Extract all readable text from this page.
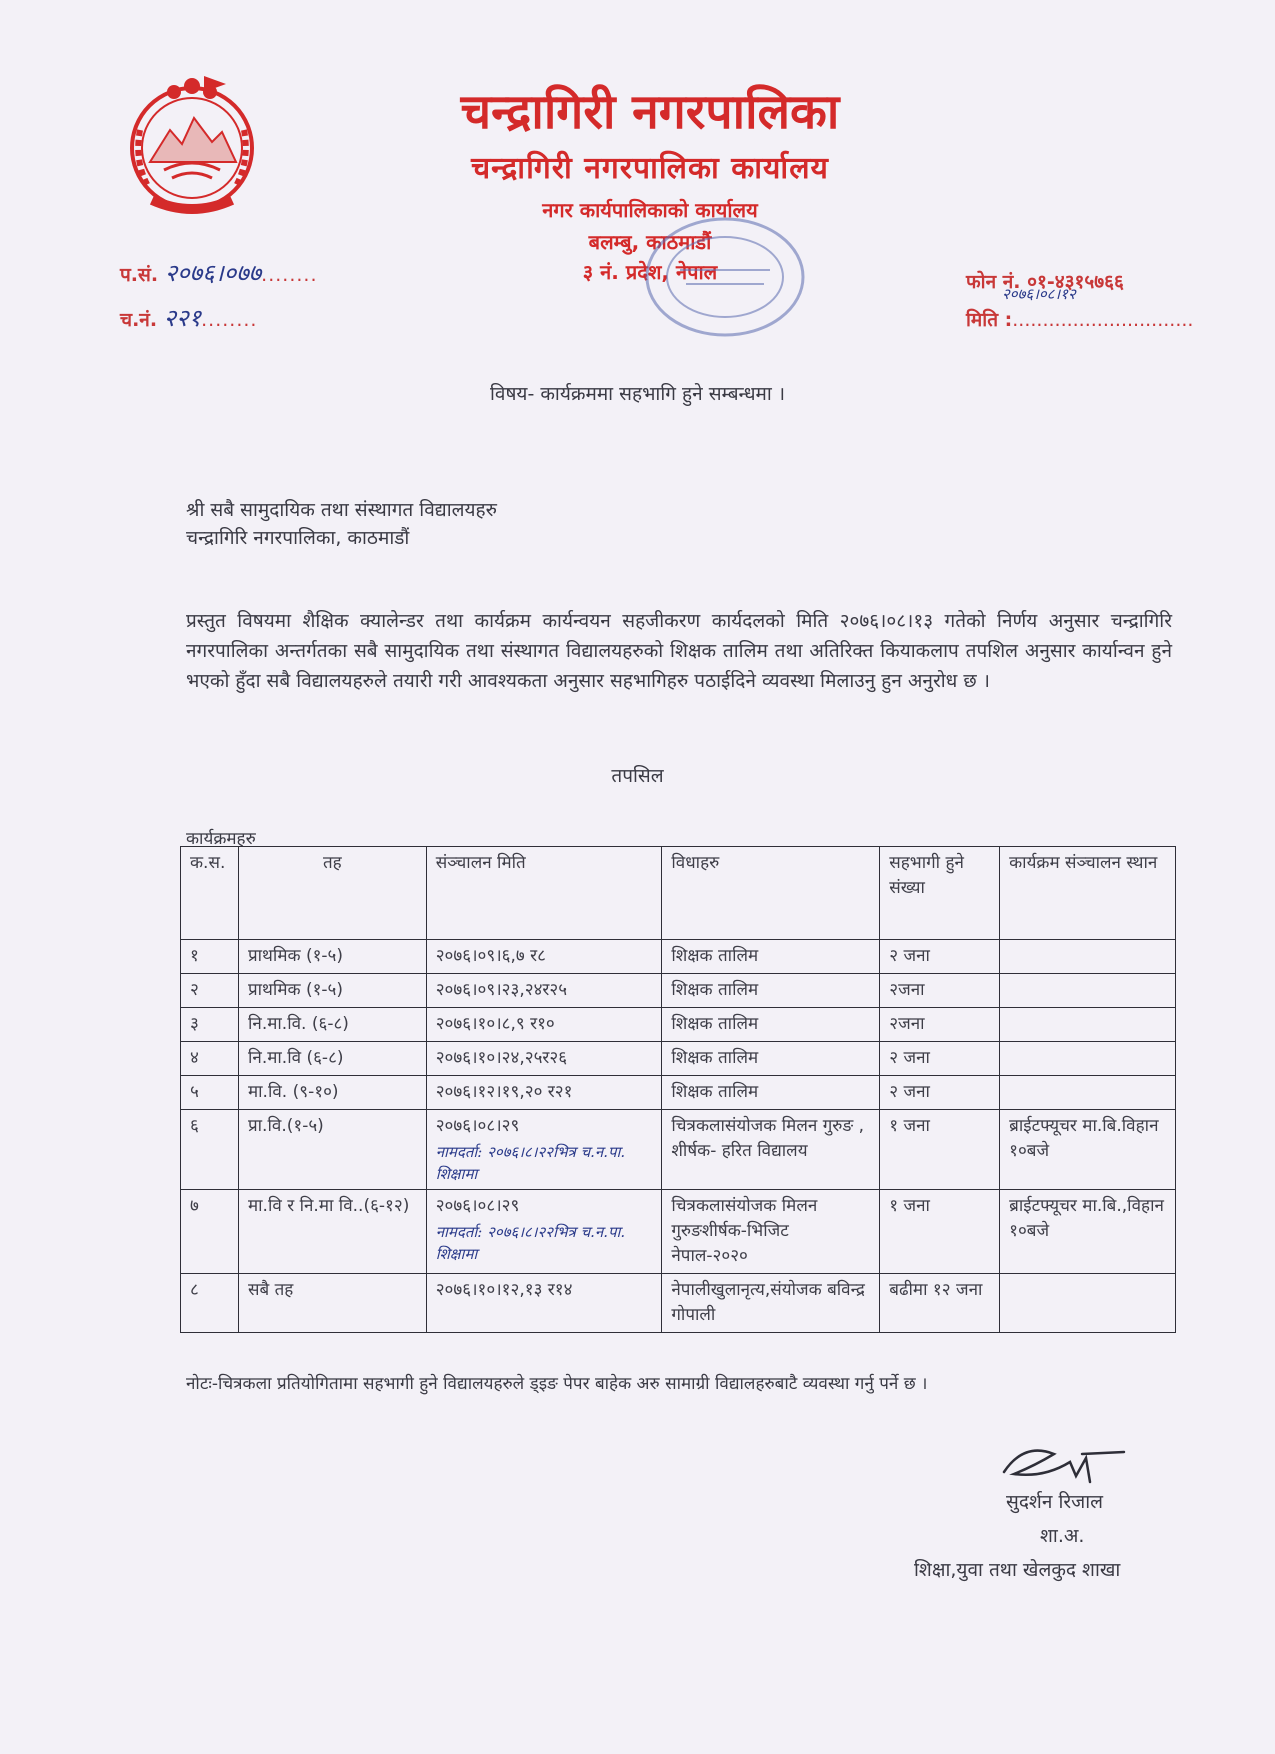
चन्द्रागिरी नगरपालिका
चन्द्रागिरी नगरपालिका कार्यालय
नगर कार्यपालिकाको कार्यालय
बलम्बु, काठमाडौं
३ नं. प्रदेश, नेपाल
प.सं. २०७६।०७७........
च.नं. २२१........
फोन नं. ०१-४३१५७६६
२०७६।०८।१२
मिति :..............................
विषय- कार्यक्रममा सहभागि हुने सम्बन्धमा ।
श्री सबै सामुदायिक तथा संस्थागत विद्यालयहरु
चन्द्रागिरि नगरपालिका, काठमाडौं
प्रस्तुत विषयमा शैक्षिक क्यालेन्डर तथा कार्यक्रम कार्यन्वयन सहजीकरण कार्यदलको मिति २०७६।०८।१३ गतेको निर्णय अनुसार चन्द्रागिरि नगरपालिका अन्तर्गतका सबै सामुदायिक तथा संस्थागत विद्यालयहरुको शिक्षक तालिम तथा अतिरिक्त कियाकलाप तपशिल अनुसार कार्यान्वन हुने भएको हुँदा सबै विद्यालयहरुले तयारी गरी आवश्यकता अनुसार सहभागिहरु पठाईदिने व्यवस्था मिलाउनु हुन अनुरोध छ ।
तपसिल
कार्यक्रमहरु
क.स.	तह	संञ्चालन मिति	विधाहरु	सहभागी हुने संख्या	कार्यक्रम संञ्चालन स्थान
१	प्राथमिक (१-५)	२०७६।०९।६,७ र८	शिक्षक तालिम	२ जना	
२	प्राथमिक (१-५)	२०७६।०९।२३,२४र२५	शिक्षक तालिम	२जना	
३	नि.मा.वि. (६-८)	२०७६।१०।८,९ र१०	शिक्षक तालिम	२जना	
४	नि.मा.वि (६-८)	२०७६।१०।२४,२५र२६	शिक्षक तालिम	२ जना	
५	मा.वि. (९-१०)	२०७६।१२।१९,२० र२१	शिक्षक तालिम	२ जना	
६	प्रा.वि.(१-५)	२०७६।०८।२९
नामदर्ता: २०७६।८।२२भित्र च.न.पा. शिक्षामा	चित्रकलासंयोजक मिलन गुरुङ , शीर्षक- हरित विद्यालय	१ जना	ब्राईटफ्यूचर मा.बि.विहान १०बजे
७	मा.वि र नि.मा वि..(६-१२)	२०७६।०८।२९
नामदर्ता: २०७६।८।२२भित्र च.न.पा. शिक्षामा	चित्रकलासंयोजक मिलन गुरुङशीर्षक-भिजिट नेपाल-२०२०	१ जना	ब्राईटफ्यूचर मा.बि.,विहान १०बजे
८	सबै तह	२०७६।१०।१२,१३ र१४	नेपालीखुलानृत्य,संयोजक बविन्द्र गोपाली	बढीमा १२ जना	
नोटः-चित्रकला प्रतियोगितामा सहभागी हुने विद्यालयहरुले ड्इङ पेपर बाहेक अरु सामाग्री विद्यालहरुबाटै व्यवस्था गर्नु पर्ने छ ।
सुदर्शन रिजाल
शा.अ.
शिक्षा,युवा तथा खेलकुद शाखा
